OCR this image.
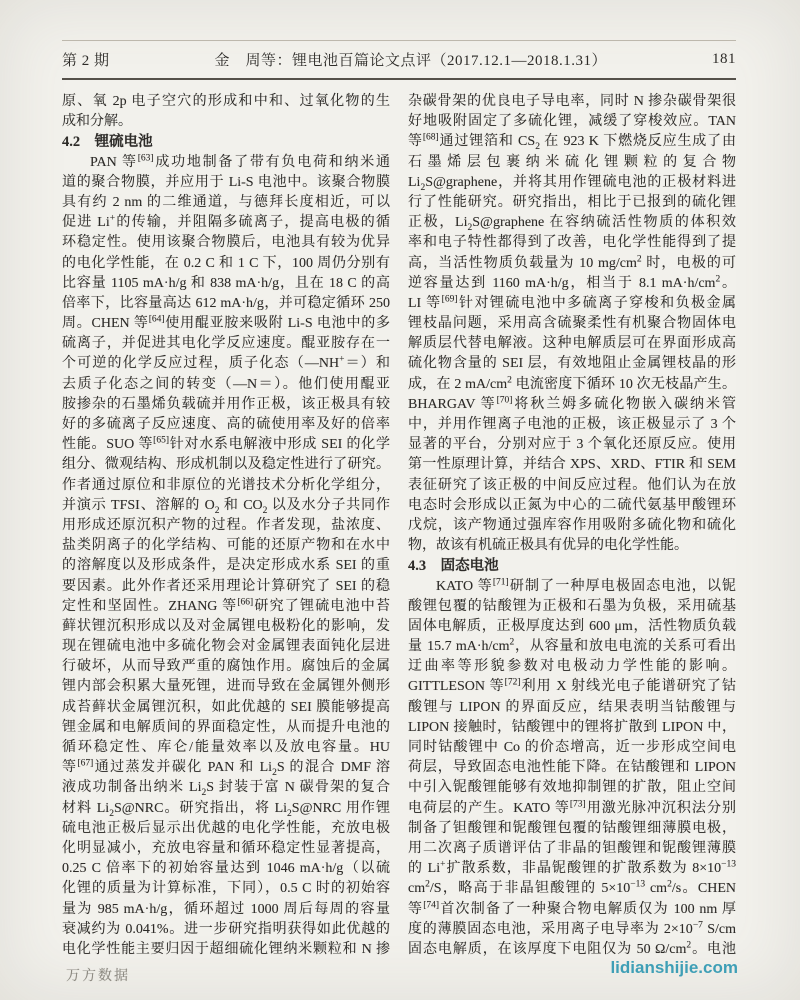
第 2 期	金　周等：锂电池百篇论文点评（2017.12.1—2018.1.31）	181
原、氧 2p 电子空穴的形成和中和、过氧化物的生
成和分解。
4.2　锂硫电池
PAN 等[63]成功地制备了带有负电荷和纳米通
道的聚合物膜，并应用于 Li-S 电池中。该聚合物膜
具有约 2 nm 的二维通道，与德拜长度相近，可以
促进 Li+的传输，并阻隔多硫离子，提高电极的循
环稳定性。使用该聚合物膜后，电池具有较为优异
的电化学性能，在 0.2 C 和 1 C 下，100 周仍分别有
比容量 1105 mA·h/g 和 838 mA·h/g，且在 18 C 的高
倍率下，比容量高达 612 mA·h/g，并可稳定循环 250
周。CHEN 等[64]使用醌亚胺来吸附 Li-S 电池中的多
硫离子，并促进其电化学反应速度。醌亚胺存在一
个可逆的化学反应过程，质子化态（—NH+＝）和
去质子化态之间的转变（—N＝）。他们使用醌亚
胺掺杂的石墨烯负载硫并用作正极，该正极具有较
好的多硫离子反应速度、高的硫使用率及好的倍率
性能。SUO 等[65]针对水系电解液中形成 SEI 的化学
组分、微观结构、形成机制以及稳定性进行了研究。
作者通过原位和非原位的光谱技术分析化学组分，
并演示 TFSI、溶解的 $O_2$ 和 $CO_2$ 以及水分子共同作
用形成还原沉积产物的过程。作者发现，盐浓度、
盐类阴离子的化学结构、可能的还原产物和在水中
的溶解度以及形成条件，是决定形成水系 SEI 的重
要因素。此外作者还采用理论计算研究了 SEI 的稳
定性和坚固性。ZHANG 等[66]研究了锂硫电池中苔
藓状锂沉积形成以及对金属锂电极粉化的影响，发
现在锂硫电池中多硫化物会对金属锂表面钝化层进
行破坏，从而导致严重的腐蚀作用。腐蚀后的金属
锂内部会积累大量死锂，进而导致在金属锂外侧形
成苔藓状金属锂沉积，如此优越的 SEI 膜能够提高
锂金属和电解质间的界面稳定性，从而提升电池的
循环稳定性、库仑/能量效率以及放电容量。HU
等[67]通过蒸发并碳化 PAN 和 $Li_2S$ 的混合 DMF 溶
液成功制备出纳米 $Li_2S$ 封装于富 N 碳骨架的复合
材料 $Li_2S@NRC$。研究指出，将 $Li_2S@NRC$ 用作锂
硫电池正极后显示出优越的电化学性能，充放电极
化明显减小，充放电容量和循环稳定性显著提高，
0.25 C 倍率下的初始容量达到 1046 mA·h/g（以硫
化锂的质量为计算标准，下同），0.5 C 时的初始容
量为 985 mA·h/g，循环超过 1000 周后每周的容量
衰减约为 0.041%。进一步研究指明获得如此优越的
电化学性能主要归因于超细硫化锂纳米颗粒和 N 掺
杂碳骨架的优良电子导电率，同时 N 掺杂碳骨架很
好地吸附固定了多硫化锂，减缓了穿梭效应。TAN
等[68]通过锂箔和 $CS_2$ 在 923 K 下燃烧反应生成了由
石墨烯层包裹纳米硫化锂颗粒的复合物
$Li_2S@graphene$，并将其用作锂硫电池的正极材料进
行了性能研究。研究指出，相比于已报到的硫化锂
正极，$Li_2S@graphene$ 在容纳硫活性物质的体积效
率和电子特性都得到了改善，电化学性能得到了提
高，当活性物质负载量为 10 $mg/cm^2$ 时，电极的可
逆容量达到 1160 mA·h/g，相当于 8.1 $mA\cdot h/cm^2$。
LI 等[69]针对锂硫电池中多硫离子穿梭和负极金属
锂枝晶问题，采用高含硫聚柔性有机聚合物固体电
解质层代替电解液。这种电解质层可在界面形成高
硫化物含量的 SEI 层，有效地阻止金属锂枝晶的形
成，在 2 $mA/cm^2$ 电流密度下循环 10 次无枝晶产生。
BHARGAV 等[70]将秋兰姆多硫化物嵌入碳纳米管
中，并用作锂离子电池的正极，该正极显示了 3 个
显著的平台，分别对应于 3 个氧化还原反应。使用
第一性原理计算，并结合 XPS、XRD、FTIR 和 SEM
表征研究了该正极的中间反应过程。他们认为在放
电态时会形成以正氮为中心的二硫代氨基甲酸锂环
戊烷，该产物通过强库容作用吸附多硫化物和硫化
物，故该有机硫正极具有优异的电化学性能。
4.3　固态电池
KATO 等[71]研制了一种厚电极固态电池，以铌
酸锂包覆的钴酸锂为正极和石墨为负极，采用硫基
固体电解质，正极厚度达到 600 μm，活性物质负载
量 15.7 $mA\cdot h/cm^2$，从容量和放电电流的关系可看出
迂曲率等形貌参数对电极动力学性能的影响。
GITTLESON 等[72]利用 X 射线光电子能谱研究了钴
酸锂与 LIPON 的界面反应，结果表明当钴酸锂与
LIPON 接触时，钴酸锂中的锂将扩散到 LIPON 中，
同时钴酸锂中 Co 的价态增高，近一步形成空间电
荷层，导致固态电池性能下降。在钴酸锂和 LIPON
中引入铌酸锂能够有效地抑制锂的扩散，阻止空间
电荷层的产生。KATO 等[73]用激光脉冲沉积法分别
制备了钽酸锂和铌酸锂包覆的钴酸锂细薄膜电极，
用二次离子质谱评估了非晶的钽酸锂和铌酸锂薄膜
的 Li+扩散系数，非晶铌酸锂的扩散系数为 $8\times 10^{-13}$
$cm^2/S$，略高于非晶钽酸锂的 $5\times 10^{-13}$ $cm^2/s$。CHEN
等[74]首次制备了一种聚合物电解质仅为 100 nm 厚
度的薄膜固态电池，采用离子电导率为 $2\times 10^{-7}$ S/cm
固态电解质，在该厚度下电阻仅为 50 $\Omega/cm^2$。电池
万方数据	lidianshijie.com
